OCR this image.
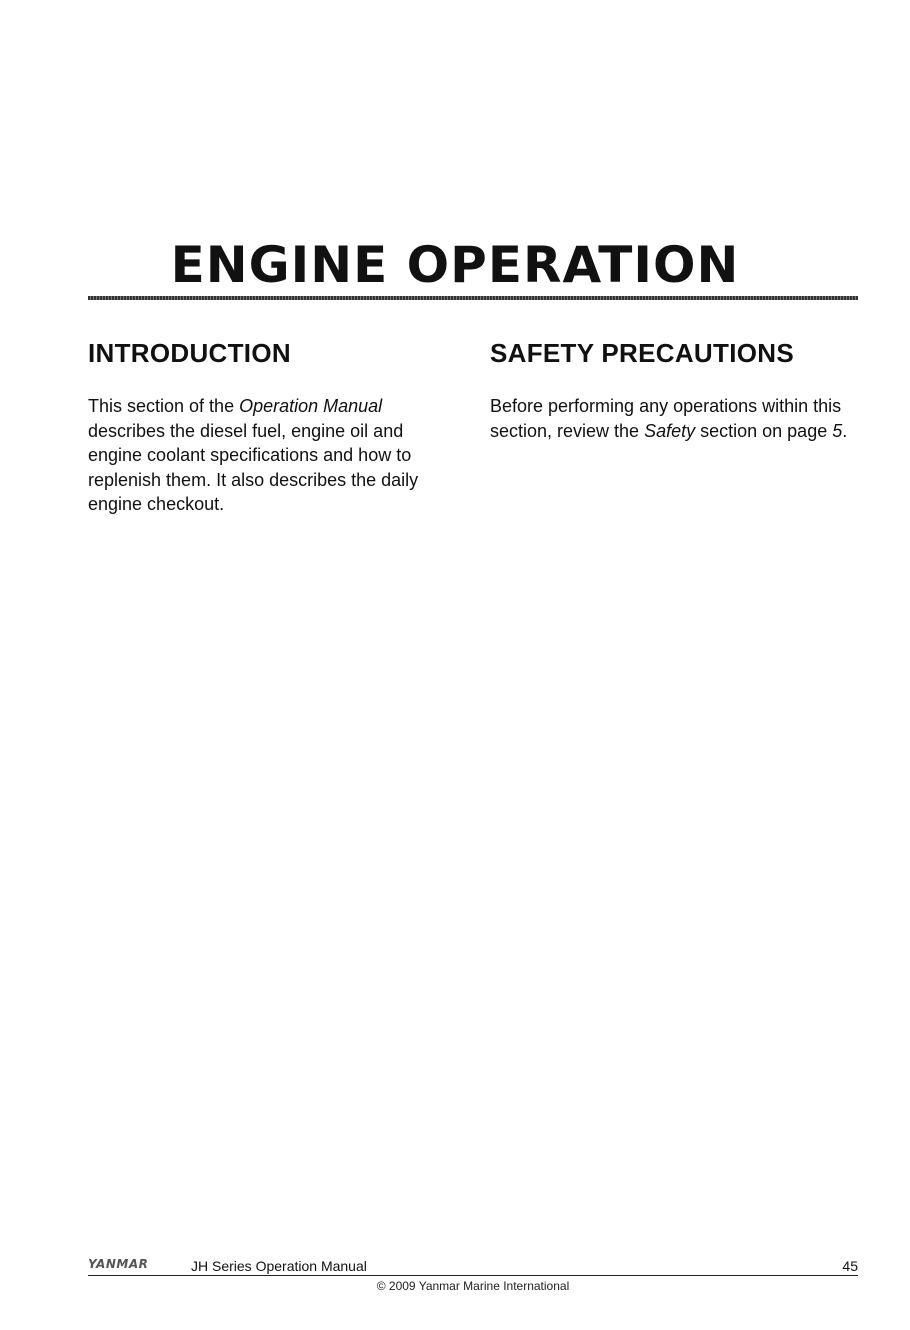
ENGINE OPERATION
INTRODUCTION

This section of the Operation Manual describes the diesel fuel, engine oil and engine coolant specifications and how to replenish them. It also describes the daily engine checkout.

SAFETY PRECAUTIONS

Before performing any operations within this section, review the Safety section on page 5.

YANMAR	JH Series Operation Manual	45
© 2009 Yanmar Marine International
